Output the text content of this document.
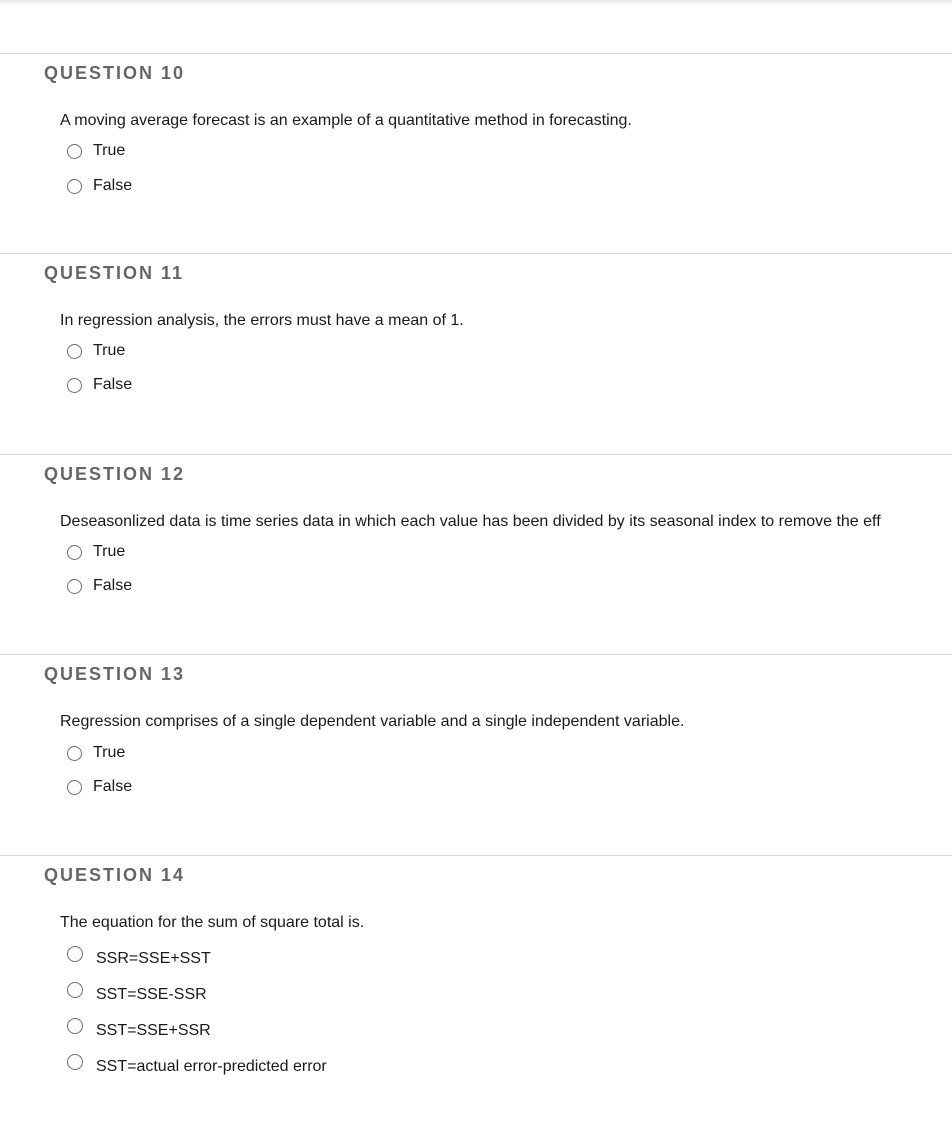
QUESTION 10
A moving average forecast is an example of a quantitative method in forecasting.
True
False
QUESTION 11
In regression analysis, the errors must have a mean of 1.
True
False
QUESTION 12
Deseasonlized data is time series data in which each value has been divided by its seasonal index to remove the eff
True
False
QUESTION 13
Regression comprises of a single dependent variable and a single independent variable.
True
False
QUESTION 14
The equation for the sum of square total is.
SSR=SSE+SST
SST=SSE-SSR
SST=SSE+SSR
SST=actual error-predicted error
